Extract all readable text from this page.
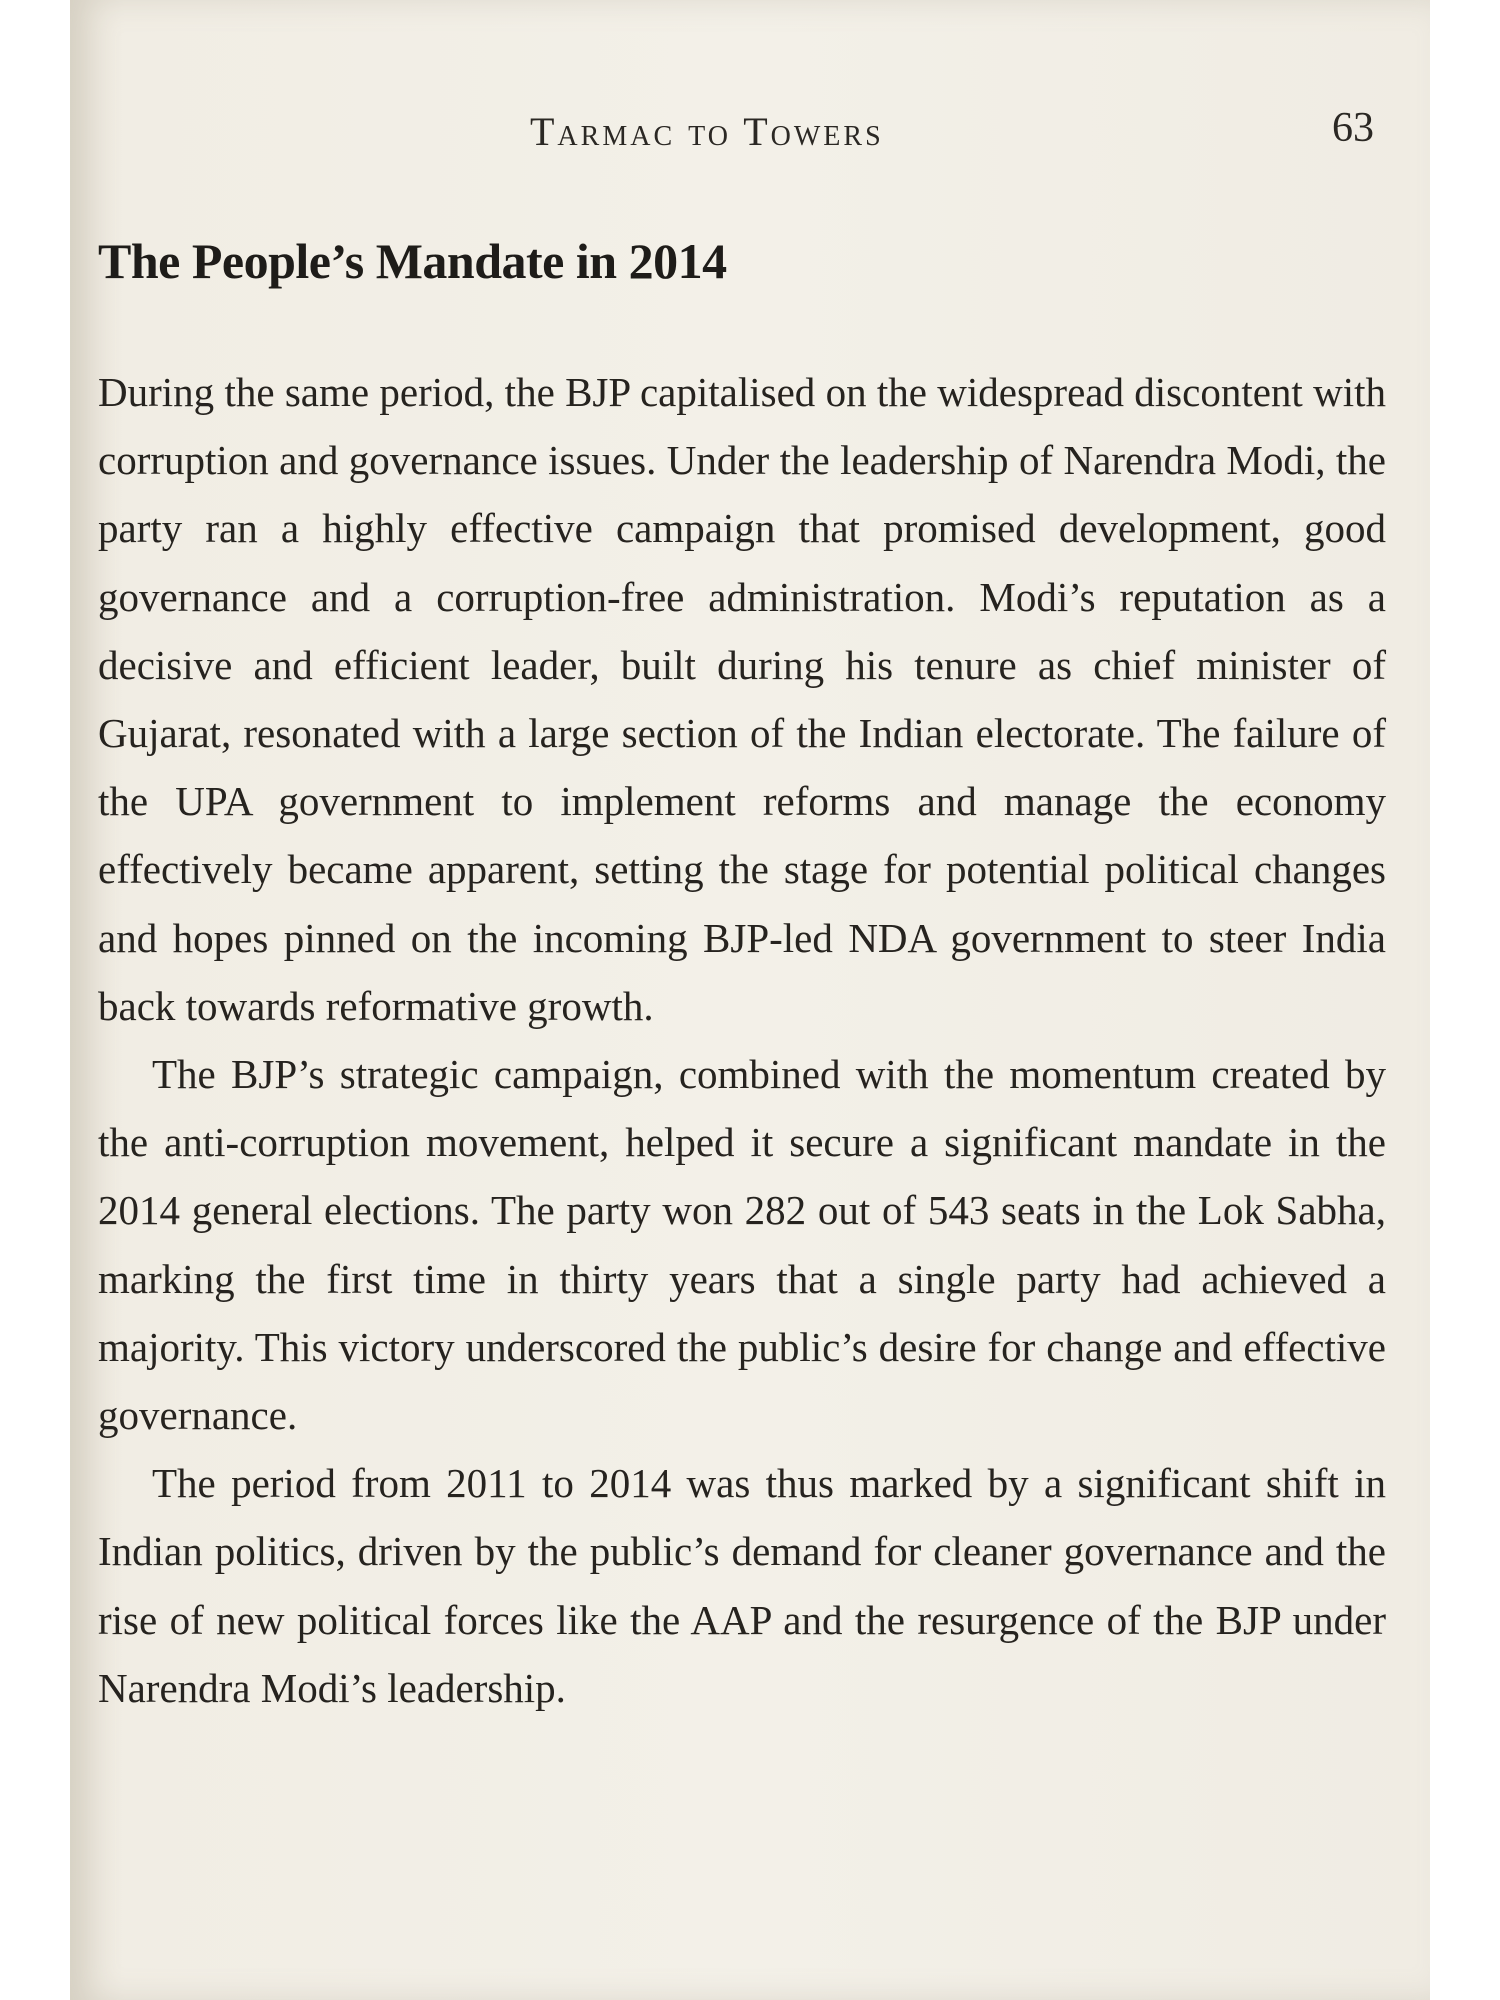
Tarmac to Towers	63
The People’s Mandate in 2014

During the same period, the BJP capitalised on the widespread discontent with corruption and governance issues. Under the leadership of Narendra Modi, the party ran a highly effective campaign that promised development, good governance and a corruption-free administration. Modi’s reputation as a decisive and efficient leader, built during his tenure as chief minister of Gujarat, resonated with a large section of the Indian electorate. The failure of the UPA government to implement reforms and manage the economy effectively became apparent, setting the stage for potential political changes and hopes pinned on the incoming BJP-led NDA government to steer India back towards reformative growth.

The BJP’s strategic campaign, combined with the momentum created by the anti-corruption movement, helped it secure a significant mandate in the 2014 general elections. The party won 282 out of 543 seats in the Lok Sabha, marking the first time in thirty years that a single party had achieved a majority. This victory underscored the public’s desire for change and effective governance.

The period from 2011 to 2014 was thus marked by a significant shift in Indian politics, driven by the public’s demand for cleaner governance and the rise of new political forces like the AAP and the resurgence of the BJP under Narendra Modi’s leadership.
